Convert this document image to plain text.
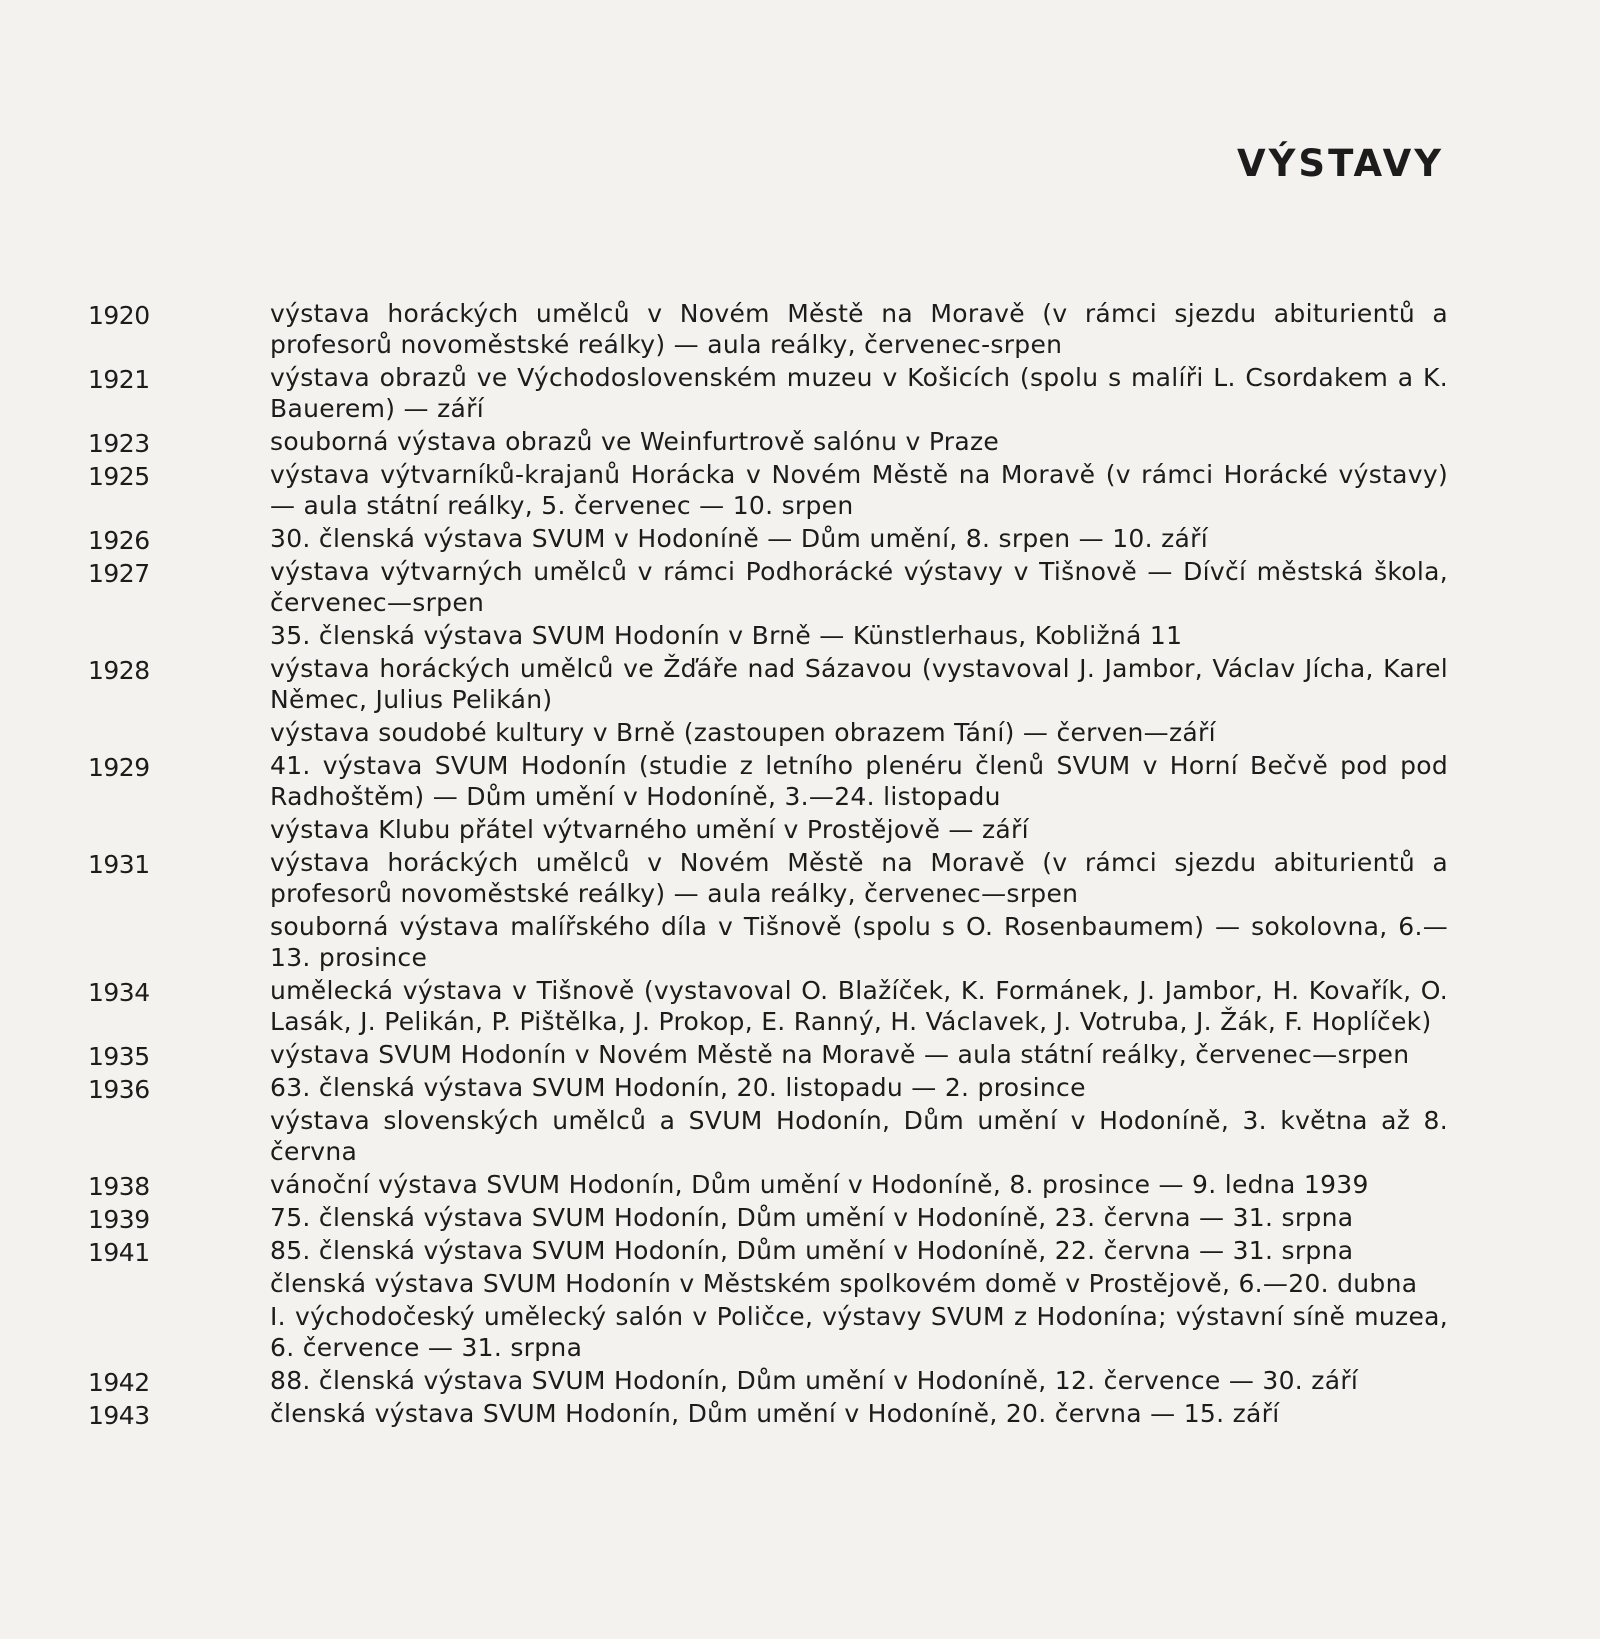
VÝSTAVY
1920	výstava horáckých umělců v Novém Městě na Moravě (v rámci sjezdu abiturientů a profesorů novoměstské reálky) — aula reálky, červenec-srpen
1921	výstava obrazů ve Východoslovenském muzeu v Košicích (spolu s malíři L. Csordakem a K. Bauerem) — září
1923	souborná výstava obrazů ve Weinfurtrově salónu v Praze
1925	výstava výtvarníků-krajanů Horácka v Novém Městě na Moravě (v rámci Horácké výstavy) — aula státní reálky, 5. červenec — 10. srpen
1926	30. členská výstava SVUM v Hodoníně — Dům umění, 8. srpen — 10. září
1927	výstava výtvarných umělců v rámci Podhorácké výstavy v Tišnově — Dívčí městská škola, červenec—srpen
35. členská výstava SVUM Hodonín v Brně — Künstlerhaus, Kobližná 11
1928	výstava horáckých umělců ve Žďáře nad Sázavou (vystavoval J. Jambor, Václav Jícha, Karel Němec, Julius Pelikán)
výstava soudobé kultury v Brně (zastoupen obrazem Tání) — červen—září
1929	41. výstava SVUM Hodonín (studie z letního plenéru členů SVUM v Horní Bečvě pod pod Radhoštěm) — Dům umění v Hodoníně, 3.—24. listopadu
výstava Klubu přátel výtvarného umění v Prostějově — září
1931	výstava horáckých umělců v Novém Městě na Moravě (v rámci sjezdu abiturientů a profesorů novoměstské reálky) — aula reálky, červenec—srpen
souborná výstava malířského díla v Tišnově (spolu s O. Rosenbaumem) — sokolovna, 6.—13. prosince
1934	umělecká výstava v Tišnově (vystavoval O. Blažíček, K. Formánek, J. Jambor, H. Kovařík, O. Lasák, J. Pelikán, P. Pištělka, J. Prokop, E. Ranný, H. Václavek, J. Votruba, J. Žák, F. Hoplíček)
1935	výstava SVUM Hodonín v Novém Městě na Moravě — aula státní reálky, červenec—srpen
1936	63. členská výstava SVUM Hodonín, 20. listopadu — 2. prosince
výstava slovenských umělců a SVUM Hodonín, Dům umění v Hodoníně, 3. května až 8. června
1938	vánoční výstava SVUM Hodonín, Dům umění v Hodoníně, 8. prosince — 9. ledna 1939
1939	75. členská výstava SVUM Hodonín, Dům umění v Hodoníně, 23. června — 31. srpna
1941	85. členská výstava SVUM Hodonín, Dům umění v Hodoníně, 22. června — 31. srpna
členská výstava SVUM Hodonín v Městském spolkovém domě v Prostějově, 6.—20. dubna
I. východočeský umělecký salón v Poličce, výstavy SVUM z Hodonína; výstavní síně muzea, 6. července — 31. srpna
1942	88. členská výstava SVUM Hodonín, Dům umění v Hodoníně, 12. července — 30. září
1943	členská výstava SVUM Hodonín, Dům umění v Hodoníně, 20. června — 15. září
